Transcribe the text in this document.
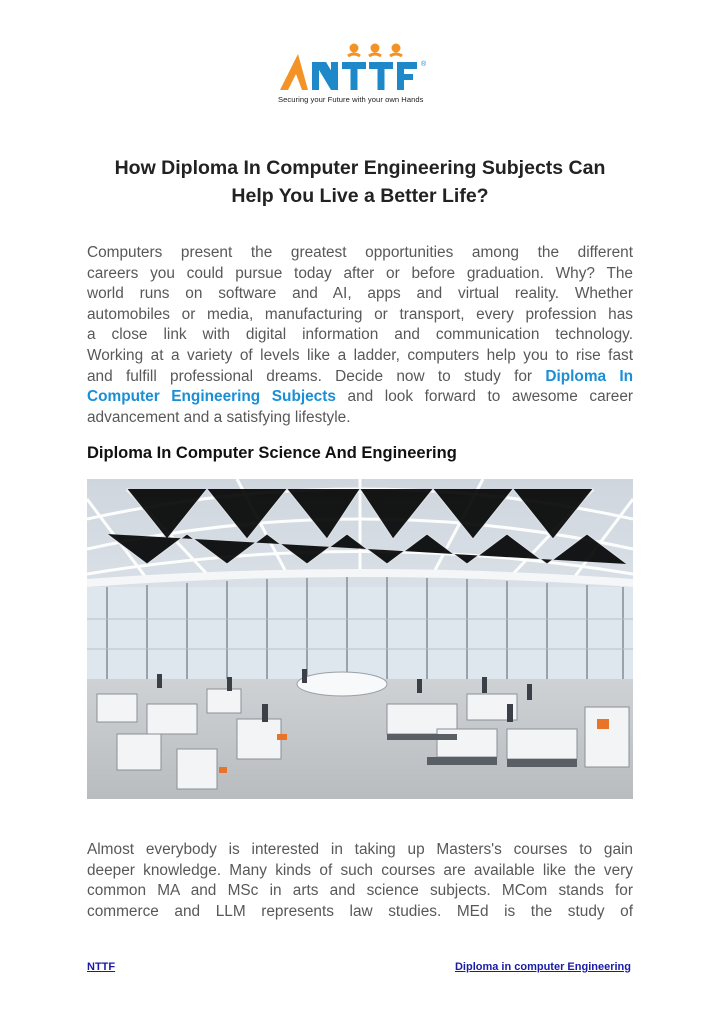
®
Securing your Future with your own Hands
How Diploma In Computer Engineering Subjects Can
Help You Live a Better Life?
Computers present the greatest opportunities among the different
careers you could pursue today after or before graduation. Why? The
world runs on software and AI, apps and virtual reality. Whether
automobiles or media, manufacturing or transport, every profession has
a close link with digital information and communication technology.
Working at a variety of levels like a ladder, computers help you to rise fast
and fulfill professional dreams. Decide now to study for Diploma In
Computer Engineering Subjects and look forward to awesome career
advancement and a satisfying lifestyle.
Diploma In Computer Science And Engineering
Almost everybody is interested in taking up Masters's courses to gain
deeper knowledge. Many kinds of such courses are available like the very
common MA and MSc in arts and science subjects. MCom stands for
commerce and LLM represents law studies. MEd is the study of
NTTF	Diploma in computer Engineering
